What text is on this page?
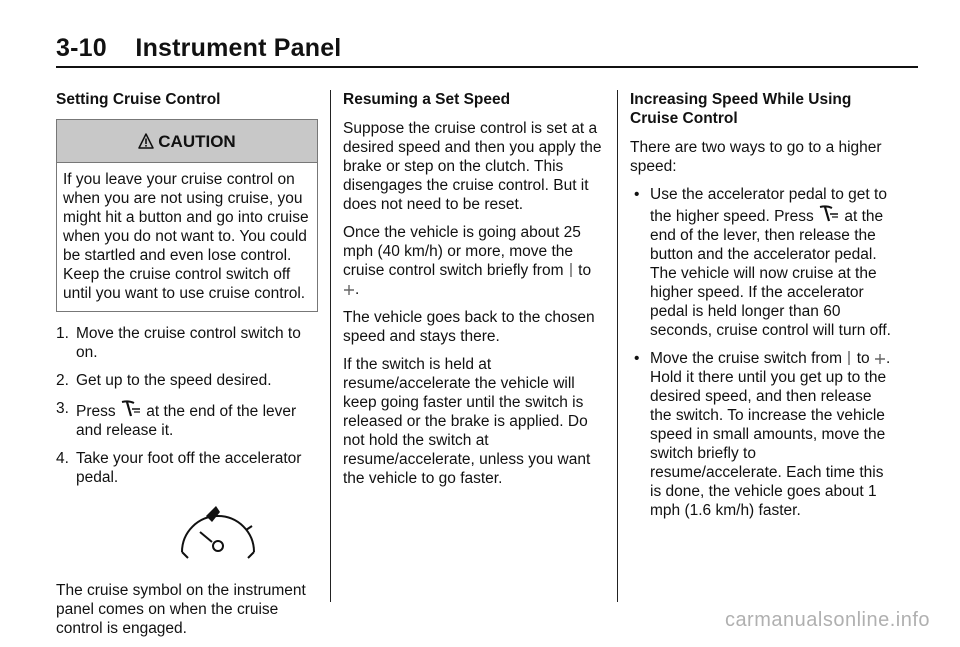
3-10    Instrument Panel
Setting Cruise Control
CAUTION
If you leave your cruise control on when you are not using cruise, you might hit a button and go into cruise when you do not want to. You could be startled and even lose control. Keep the cruise control switch off until you want to use cruise control.
1. Move the cruise control switch to on.
2. Get up to the speed desired.
3. Press at the end of the lever and release it.
4. Take your foot off the accelerator pedal.

The cruise symbol on the instrument panel comes on when the cruise control is engaged.

Resuming a Set Speed

Suppose the cruise control is set at a desired speed and then you apply the brake or step on the clutch. This disengages the cruise control. But it does not need to be reset.

Once the vehicle is going about 25 mph (40 km/h) or more, move the cruise control switch briefly from to .

The vehicle goes back to the chosen speed and stays there.

If the switch is held at resume/accelerate the vehicle will keep going faster until the switch is released or the brake is applied. Do not hold the switch at resume/accelerate, unless you want the vehicle to go faster.

Increasing Speed While Using Cruise Control

There are two ways to go to a higher speed:

• Use the accelerator pedal to get to the higher speed. Press at the end of the lever, then release the button and the accelerator pedal. The vehicle will now cruise at the higher speed. If the accelerator pedal is held longer than 60 seconds, cruise control will turn off.
• Move the cruise switch from to . Hold it there until you get up to the desired speed, and then release the switch. To increase the vehicle speed in small amounts, move the switch briefly to resume/accelerate. Each time this is done, the vehicle goes about 1 mph (1.6 km/h) faster.
carmanualsonline.info
